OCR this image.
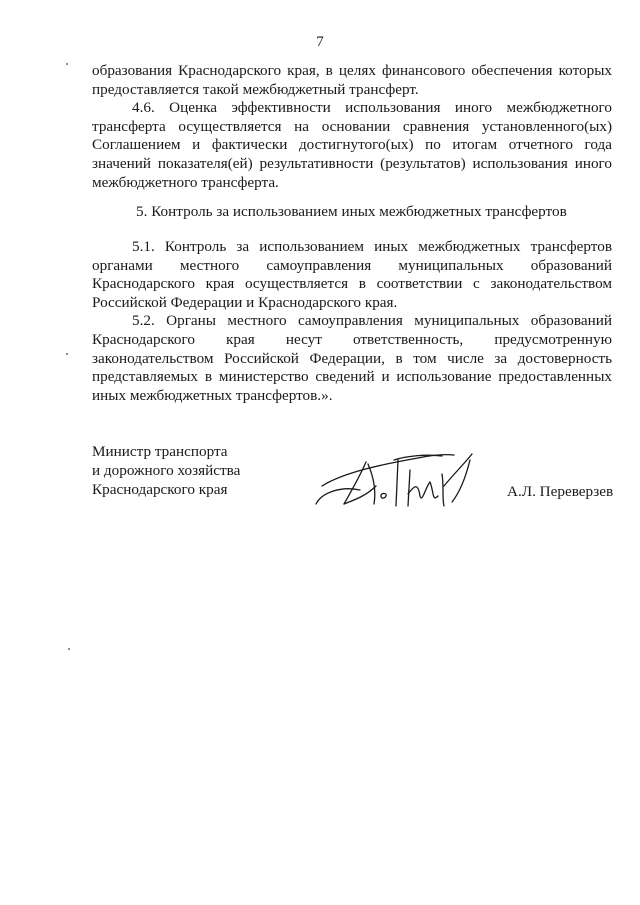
7

образования Краснодарского края, в целях финансового обеспечения которых предоставляется такой межбюджетный трансферт.

4.6. Оценка эффективности использования иного межбюджетного трансферта осуществляется на основании сравнения установленного(ых) Соглашением и фактически достигнутого(ых) по итогам отчетного года значений показателя(ей) результативности (результатов) использования иного межбюджетного трансферта.

5. Контроль за использованием иных межбюджетных трансфертов

5.1. Контроль за использованием иных межбюджетных трансфертов органами местного самоуправления муниципальных образований Краснодарского края осуществляется в соответствии с законодательством Российской Федерации и Краснодарского края.

5.2. Органы местного самоуправления муниципальных образований Краснодарского края несут ответственность, предусмотренную законодательством Российской Федерации, в том числе за достоверность представляемых в министерство сведений и использование предоставленных иных межбюджетных трансфертов.».

Министр транспорта
и дорожного хозяйства
Краснодарского края	А.Л. Переверзев
